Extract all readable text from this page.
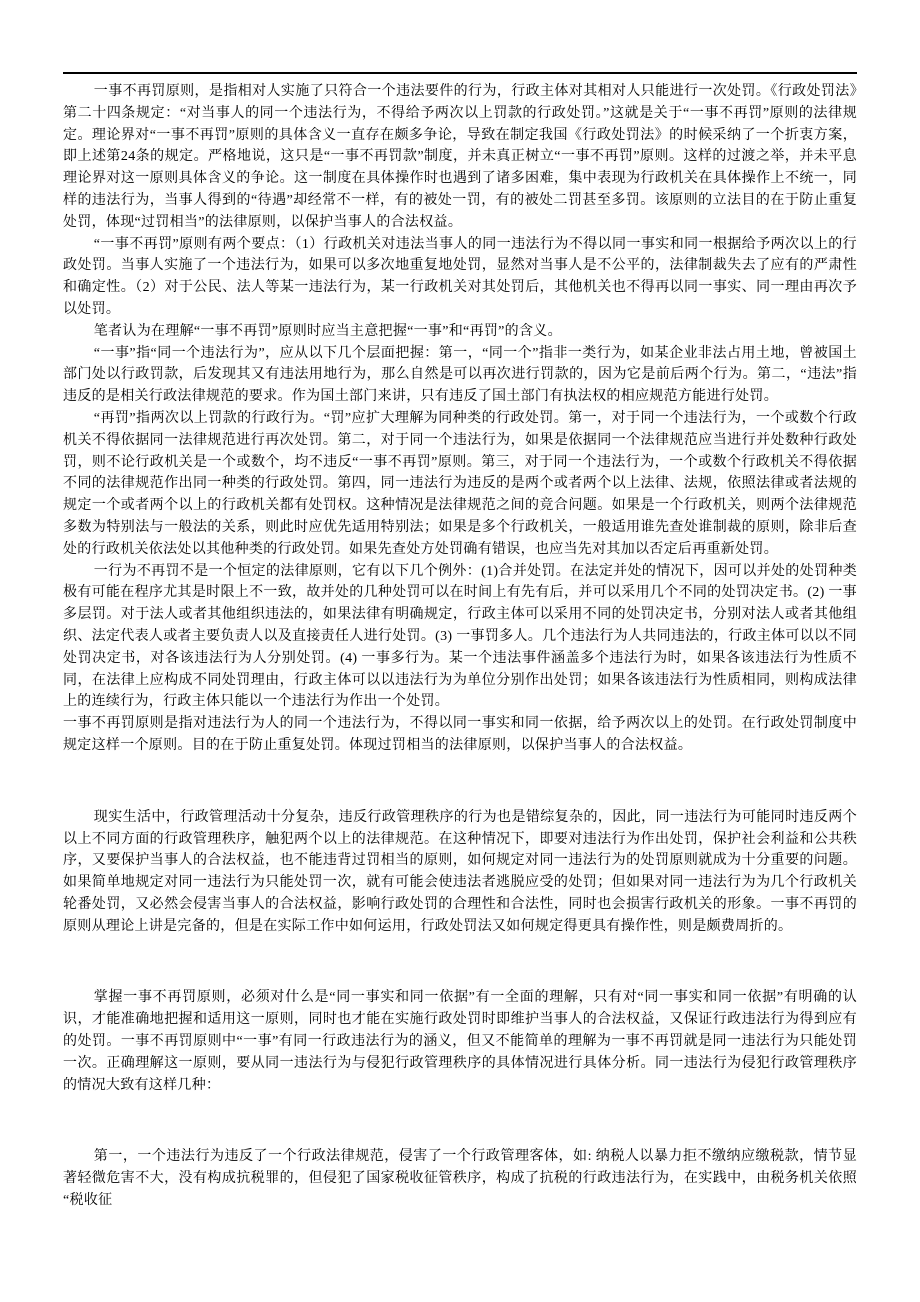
一事不再罚原则，是指相对人实施了只符合一个违法要件的行为，行政主体对其相对人只能进行一次处罚。《行政处罚法》第二十四条规定：“对当事人的同一个违法行为，不得给予两次以上罚款的行政处罚。”这就是关于“一事不再罚”原则的法律规定。理论界对“一事不再罚”原则的具体含义一直存在颇多争论，导致在制定我国《行政处罚法》的时候采纳了一个折衷方案，即上述第24条的规定。严格地说，这只是“一事不再罚款”制度，并未真正树立“一事不再罚”原则。这样的过渡之举，并未平息理论界对这一原则具体含义的争论。这一制度在具体操作时也遇到了诸多困难，集中表现为行政机关在具体操作上不统一，同样的违法行为，当事人得到的“待遇”却经常不一样，有的被处一罚，有的被处二罚甚至多罚。该原则的立法目的在于防止重复处罚，体现“过罚相当”的法律原则，以保护当事人的合法权益。

“一事不再罚”原则有两个要点：（1）行政机关对违法当事人的同一违法行为不得以同一事实和同一根据给予两次以上的行政处罚。当事人实施了一个违法行为，如果可以多次地重复地处罚，显然对当事人是不公平的，法律制裁失去了应有的严肃性和确定性。（2）对于公民、法人等某一违法行为，某一行政机关对其处罚后，其他机关也不得再以同一事实、同一理由再次予以处罚。

笔者认为在理解“一事不再罚”原则时应当主意把握“一事”和“再罚”的含义。

“一事”指“同一个违法行为”，应从以下几个层面把握：第一，“同一个”指非一类行为，如某企业非法占用土地，曾被国土部门处以行政罚款，后发现其又有违法用地行为，那么自然是可以再次进行罚款的，因为它是前后两个行为。第二，“违法”指违反的是相关行政法律规范的要求。作为国土部门来讲，只有违反了国土部门有执法权的相应规范方能进行处罚。

“再罚”指两次以上罚款的行政行为。“罚”应扩大理解为同种类的行政处罚。第一，对于同一个违法行为，一个或数个行政机关不得依据同一法律规范进行再次处罚。第二，对于同一个违法行为，如果是依据同一个法律规范应当进行并处数种行政处罚，则不论行政机关是一个或数个，均不违反“一事不再罚”原则。第三，对于同一个违法行为，一个或数个行政机关不得依据不同的法律规范作出同一种类的行政处罚。第四，同一违法行为违反的是两个或者两个以上法律、法规，依照法律或者法规的规定一个或者两个以上的行政机关都有处罚权。这种情况是法律规范之间的竞合问题。如果是一个行政机关，则两个法律规范多数为特别法与一般法的关系，则此时应优先适用特别法；如果是多个行政机关，一般适用谁先查处谁制裁的原则，除非后查处的行政机关依法处以其他种类的行政处罚。如果先查处方处罚确有错误，也应当先对其加以否定后再重新处罚。

一行为不再罚不是一个恒定的法律原则，它有以下几个例外：(1)合并处罚。在法定并处的情况下，因可以并处的处罚种类极有可能在程序尤其是时限上不一致，故并处的几种处罚可以在时间上有先有后，并可以采用几个不同的处罚决定书。(2) 一事多层罚。对于法人或者其他组织违法的，如果法律有明确规定，行政主体可以采用不同的处罚决定书，分别对法人或者其他组织、法定代表人或者主要负责人以及直接责任人进行处罚。(3) 一事罚多人。几个违法行为人共同违法的，行政主体可以以不同处罚决定书，对各该违法行为人分别处罚。(4) 一事多行为。某一个违法事件涵盖多个违法行为时，如果各该违法行为性质不同，在法律上应构成不同处罚理由，行政主体可以以违法行为为单位分别作出处罚；如果各该违法行为性质相同，则构成法律上的连续行为，行政主体只能以一个违法行为作出一个处罚。

一事不再罚原则是指对违法行为人的同一个违法行为，不得以同一事实和同一依据，给予两次以上的处罚。在行政处罚制度中规定这样一个原则。目的在于防止重复处罚。体现过罚相当的法律原则，以保护当事人的合法权益。

现实生活中，行政管理活动十分复杂，违反行政管理秩序的行为也是错综复杂的，因此，同一违法行为可能同时违反两个以上不同方面的行政管理秩序，触犯两个以上的法律规范。在这种情况下，即要对违法行为作出处罚，保护社会利益和公共秩序，又要保护当事人的合法权益，也不能违背过罚相当的原则，如何规定对同一违法行为的处罚原则就成为十分重要的问题。如果简单地规定对同一违法行为只能处罚一次，就有可能会使违法者逃脱应受的处罚；但如果对同一违法行为为几个行政机关轮番处罚，又必然会侵害当事人的合法权益，影响行政处罚的合理性和合法性，同时也会损害行政机关的形象。一事不再罚的原则从理论上讲是完备的，但是在实际工作中如何运用，行政处罚法又如何规定得更具有操作性，则是颇费周折的。

掌握一事不再罚原则，必须对什么是“同一事实和同一依据”有一全面的理解，只有对“同一事实和同一依据”有明确的认识，才能准确地把握和适用这一原则，同时也才能在实施行政处罚时即维护当事人的合法权益，又保证行政违法行为得到应有的处罚。一事不再罚原则中“一事”有同一行政违法行为的涵义，但又不能简单的理解为一事不再罚就是同一违法行为只能处罚一次。正确理解这一原则，要从同一违法行为与侵犯行政管理秩序的具体情况进行具体分析。同一违法行为侵犯行政管理秩序的情况大致有这样几种：

第一，一个违法行为违反了一个行政法律规范，侵害了一个行政管理客体，如: 纳税人以暴力拒不缴纳应缴税款，情节显著轻微危害不大，没有构成抗税罪的，但侵犯了国家税收征管秩序，构成了抗税的行政违法行为，在实践中，由税务机关依照“税收征
